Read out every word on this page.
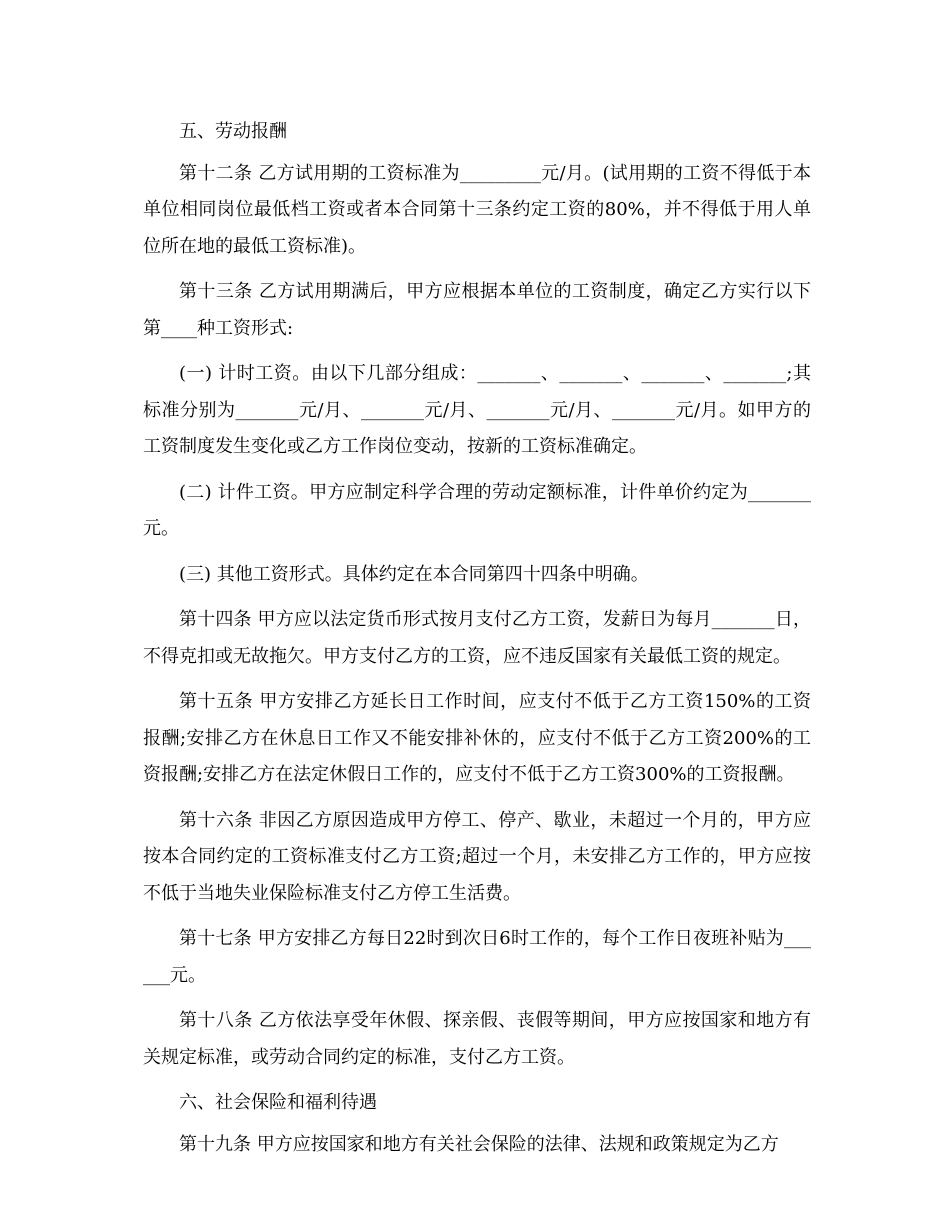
五、劳动报酬

第十二条 乙方试用期的工资标准为_________元/月。(试用期的工资不得低于本单位相同岗位最低档工资或者本合同第十三条约定工资的80%，并不得低于用人单位所在地的最低工资标准)。

第十三条 乙方试用期满后，甲方应根据本单位的工资制度，确定乙方实行以下第____种工资形式:

(一) 计时工资。由以下几部分组成：_______、_______、_______、_______;其标准分别为_______元/月、_______元/月、_______元/月、_______元/月。如甲方的工资制度发生变化或乙方工作岗位变动，按新的工资标准确定。

(二) 计件工资。甲方应制定科学合理的劳动定额标准，计件单价约定为_______元。

(三) 其他工资形式。具体约定在本合同第四十四条中明确。

第十四条 甲方应以法定货币形式按月支付乙方工资，发薪日为每月_______日，不得克扣或无故拖欠。甲方支付乙方的工资，应不违反国家有关最低工资的规定。

第十五条 甲方安排乙方延长日工作时间，应支付不低于乙方工资150%的工资报酬;安排乙方在休息日工作又不能安排补休的，应支付不低于乙方工资200%的工资报酬;安排乙方在法定休假日工作的，应支付不低于乙方工资300%的工资报酬。

第十六条 非因乙方原因造成甲方停工、停产、歇业，未超过一个月的，甲方应按本合同约定的工资标准支付乙方工资;超过一个月，未安排乙方工作的，甲方应按不低于当地失业保险标准支付乙方停工生活费。

第十七条 甲方安排乙方每日22时到次日6时工作的，每个工作日夜班补贴为______元。

第十八条 乙方依法享受年休假、探亲假、丧假等期间，甲方应按国家和地方有关规定标准，或劳动合同约定的标准，支付乙方工资。

六、社会保险和福利待遇

第十九条 甲方应按国家和地方有关社会保险的法律、法规和政策规定为乙方
